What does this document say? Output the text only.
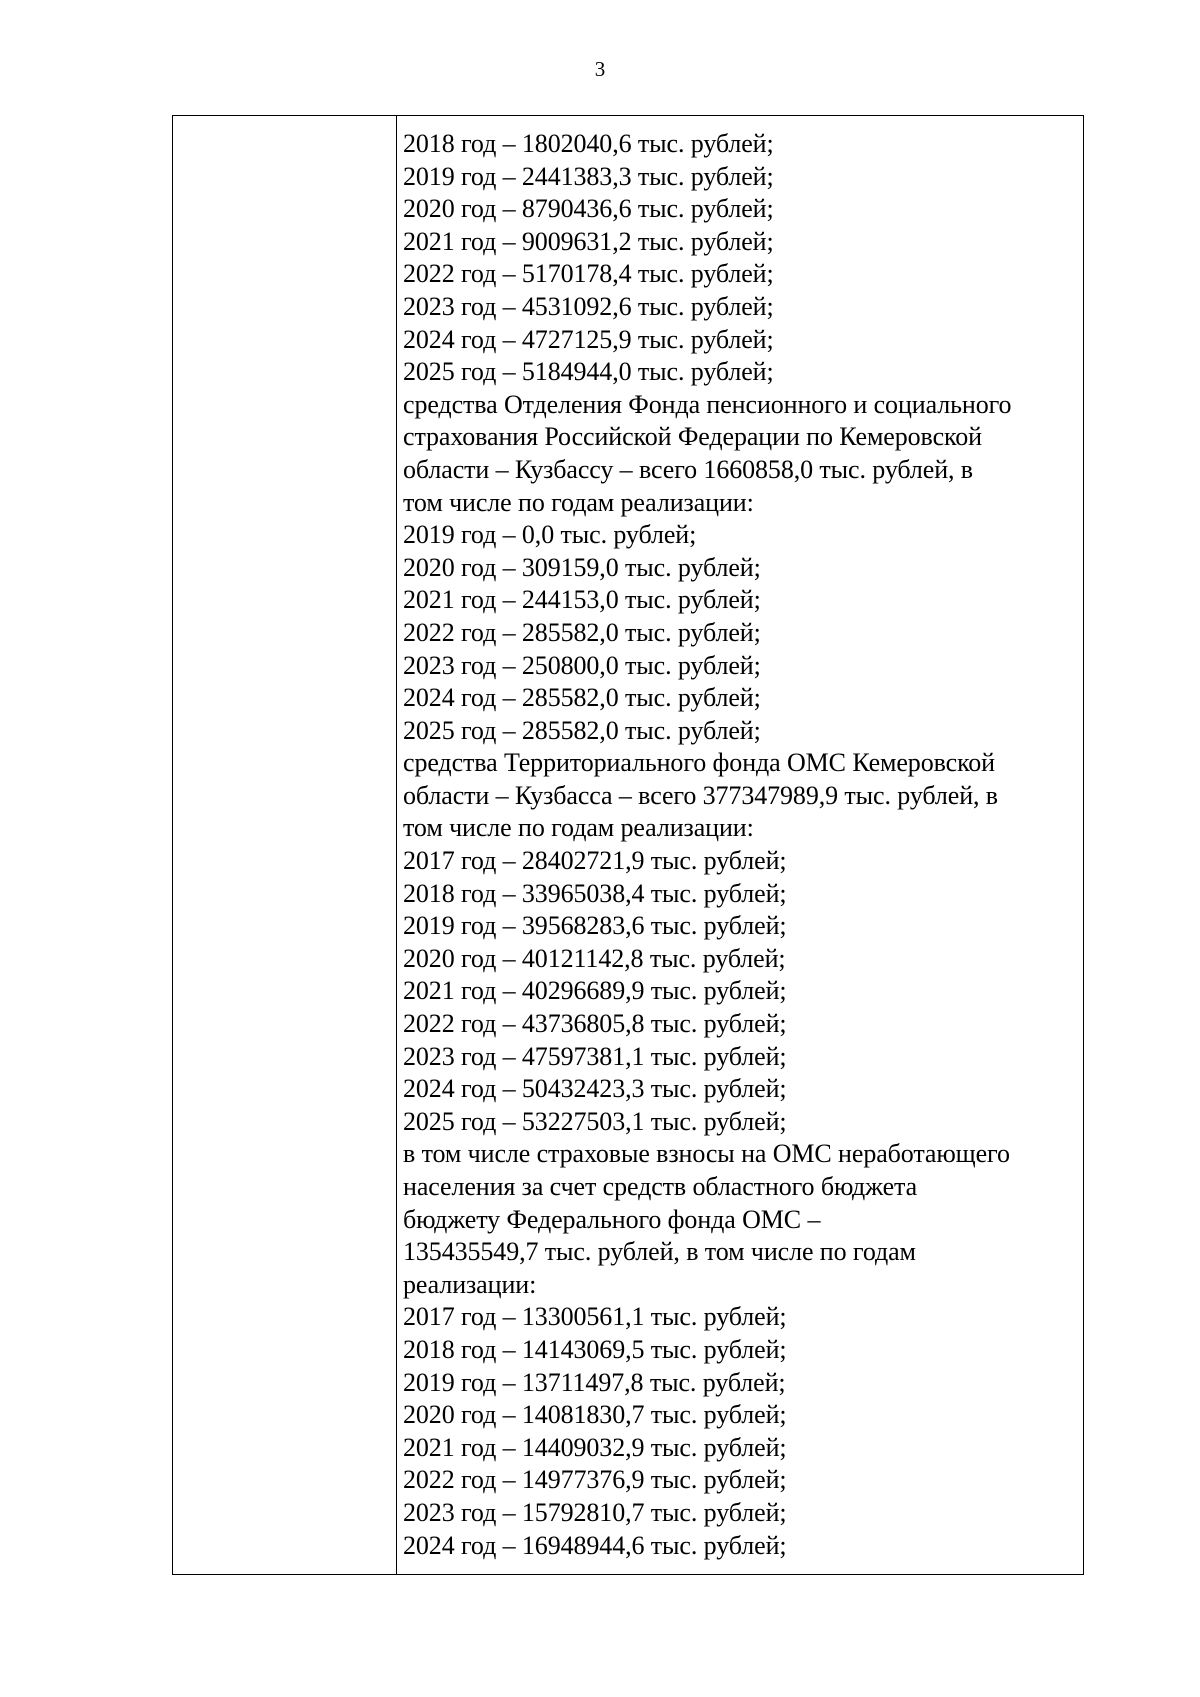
3
2018 год – 1802040,6 тыс. рублей;
2019 год – 2441383,3 тыс. рублей;
2020 год – 8790436,6 тыс. рублей;
2021 год – 9009631,2 тыс. рублей;
2022 год – 5170178,4 тыс. рублей;
2023 год – 4531092,6 тыс. рублей;
2024 год – 4727125,9 тыс. рублей;
2025 год – 5184944,0 тыс. рублей;
средства Отделения Фонда пенсионного и социального
страхования Российской Федерации по Кемеровской
области – Кузбассу – всего 1660858,0 тыс. рублей, в
том числе по годам реализации:
2019 год – 0,0 тыс. рублей;
2020 год – 309159,0 тыс. рублей;
2021 год – 244153,0 тыс. рублей;
2022 год – 285582,0 тыс. рублей;
2023 год – 250800,0 тыс. рублей;
2024 год – 285582,0 тыс. рублей;
2025 год – 285582,0 тыс. рублей;
средства Территориального фонда ОМС Кемеровской
области – Кузбасса – всего 377347989,9 тыс. рублей, в
том числе по годам реализации:
2017 год – 28402721,9 тыс. рублей;
2018 год – 33965038,4 тыс. рублей;
2019 год – 39568283,6 тыс. рублей;
2020 год – 40121142,8 тыс. рублей;
2021 год – 40296689,9 тыс. рублей;
2022 год – 43736805,8 тыс. рублей;
2023 год – 47597381,1 тыс. рублей;
2024 год – 50432423,3 тыс. рублей;
2025 год – 53227503,1 тыс. рублей;
в том числе страховые взносы на ОМС неработающего
населения за счет средств областного бюджета
бюджету Федерального фонда ОМС –
135435549,7 тыс. рублей, в том числе по годам
реализации:
2017 год – 13300561,1 тыс. рублей;
2018 год – 14143069,5 тыс. рублей;
2019 год – 13711497,8 тыс. рублей;
2020 год – 14081830,7 тыс. рублей;
2021 год – 14409032,9 тыс. рублей;
2022 год – 14977376,9 тыс. рублей;
2023 год – 15792810,7 тыс. рублей;
2024 год – 16948944,6 тыс. рублей;
